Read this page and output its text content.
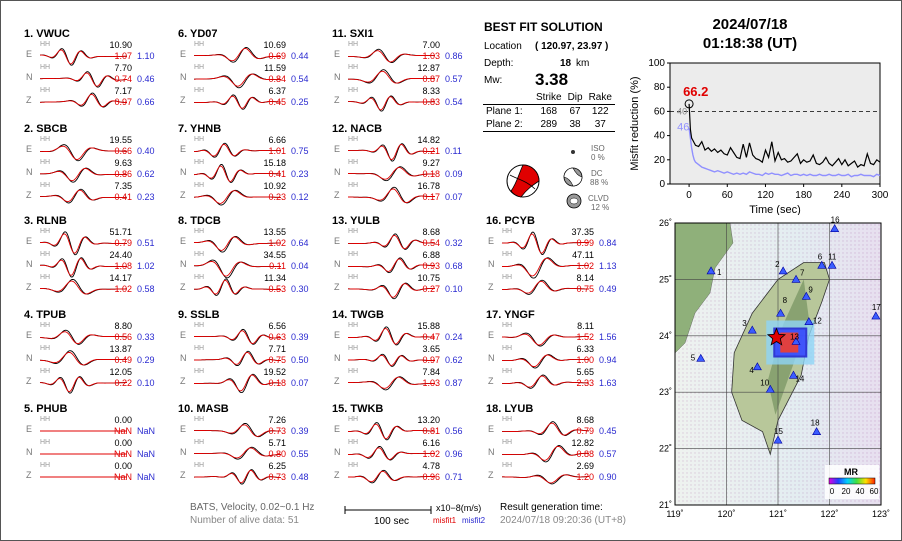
1. VWUC
E
HH	10.90
1.07 1.10
N
HH	7.70
0.74 0.46
Z
HH	7.17
0.97 0.66
2. SBCB
E
HH	19.55
0.66 0.40
N
HH	9.63
0.86 0.62
Z
HH	7.35
0.41 0.23
3. RLNB
E
HH	51.71
0.79 0.51
N
HH	24.40
1.08 1.02
Z
HH	14.17
1.02 0.58
4. TPUB
E
HH	8.80
0.56 0.33
N
HH	13.87
0.49 0.29
Z
HH	12.05
0.22 0.10
5. PHUB
E
HH	0.00
NaN NaN
N
HH	0.00
NaN NaN
Z
HH	0.00
NaN NaN
6. YD07
E
HH	10.69
0.69 0.44
N
HH	11.59
0.84 0.54
Z
HH	6.37
0.45 0.25
7. YHNB
E
HH	6.66
1.01 0.75
N
HH	15.18
0.41 0.23
Z
HH	10.92
0.23 0.12
8. TDCB
E
HH	13.55
1.02 0.64
N
HH	34.55
0.11 0.04
Z
HH	11.34
0.53 0.30
9. SSLB
E
HH	6.56
0.63 0.39
N
HH	7.71
0.75 0.50
Z
HH	19.52
0.18 0.07
10. MASB
E
HH	7.26
0.73 0.39
N
HH	5.71
0.80 0.55
Z
HH	6.25
0.73 0.48
11. SXI1
E
HH	7.00
1.03 0.86
N
HH	12.87
0.87 0.57
Z
HH	8.33
0.83 0.54
12. NACB
E
HH	14.82
0.21 0.11
N
HH	9.27
0.18 0.09
Z
HH	16.78
0.17 0.07
13. YULB
E
HH	8.68
0.54 0.32
N
HH	6.88
0.93 0.68
Z
HH	10.75
0.27 0.10
14. TWGB
E
HH	15.88
0.47 0.24
N
HH	3.65
0.97 0.62
Z
HH	7.84
1.03 0.87
15. TWKB
E
HH	13.20
0.81 0.56
N
HH	6.16
1.02 0.96
Z
HH	4.78
0.96 0.71
16. PCYB
E
HH	37.35
0.99 0.84
N
HH	47.11
1.02 1.13
Z
HH	8.14
0.75 0.49
17. YNGF
E
HH	8.11
1.52 1.56
N
HH	6.33
1.00 0.94
Z
HH	5.65
2.33 1.63
18. LYUB
E
HH	8.68
0.79 0.45
N
HH	12.82
0.88 0.57
Z
HH	2.69
1.20 0.90
BEST FIT SOLUTION
Location ( 120.97, 23.97 )
Depth:	18 km
Mw: 3.38
	Strike	Dip	Rake
Plane 1:	168	67	122
Plane 2:	289	38	37
ISO
0 %
DC
88 %
CLVD
12 %
2024/07/18
01:18:38 (UT)
0
20
40
60
80
100
0	60 120 180 240 300
66.2
40
46
Misfit reduction (%)
Time (sec)
1
2
3
4
5
6
7
8
9
10
11
12
13
14
15
16
17
18
26˚
25˚
24˚
23˚
22˚
21˚
119˚	120˚	121˚	122˚	123˚
MR
0 20 40 60
BATS, Velocity, 0.02~0.1 Hz
Number of alive data: 51	100 sec
x10−8(m/s)
misfit1 misfit2
Result generation time:
2024/07/18 09:20:36 (UT+8)
